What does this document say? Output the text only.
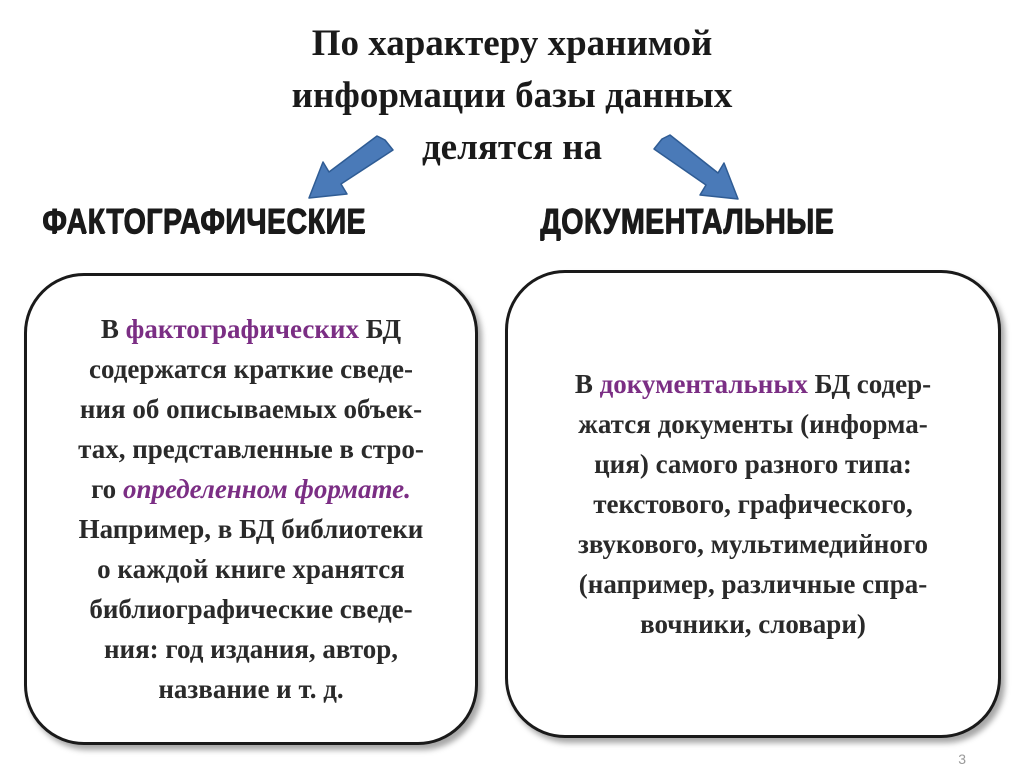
По характеру хранимой
информации базы данных
делятся на
ФАКТОГРАФИЧЕСКИЕ	ДОКУМЕНТАЛЬНЫЕ
В фактографических БД
содержатся краткие сведе-
ния об описываемых объек-
тах, представленные в стро-
го определенном формате.
Например, в БД библиотеки
о каждой книге хранятся
библиографические сведе-
ния: год издания, автор,
название и т. д.
В документальных БД содер-
жатся документы (информа-
ция) самого разного типа:
текстового, графического,
звукового, мультимедийного
(например, различные спра-
вочники, словари)
3
